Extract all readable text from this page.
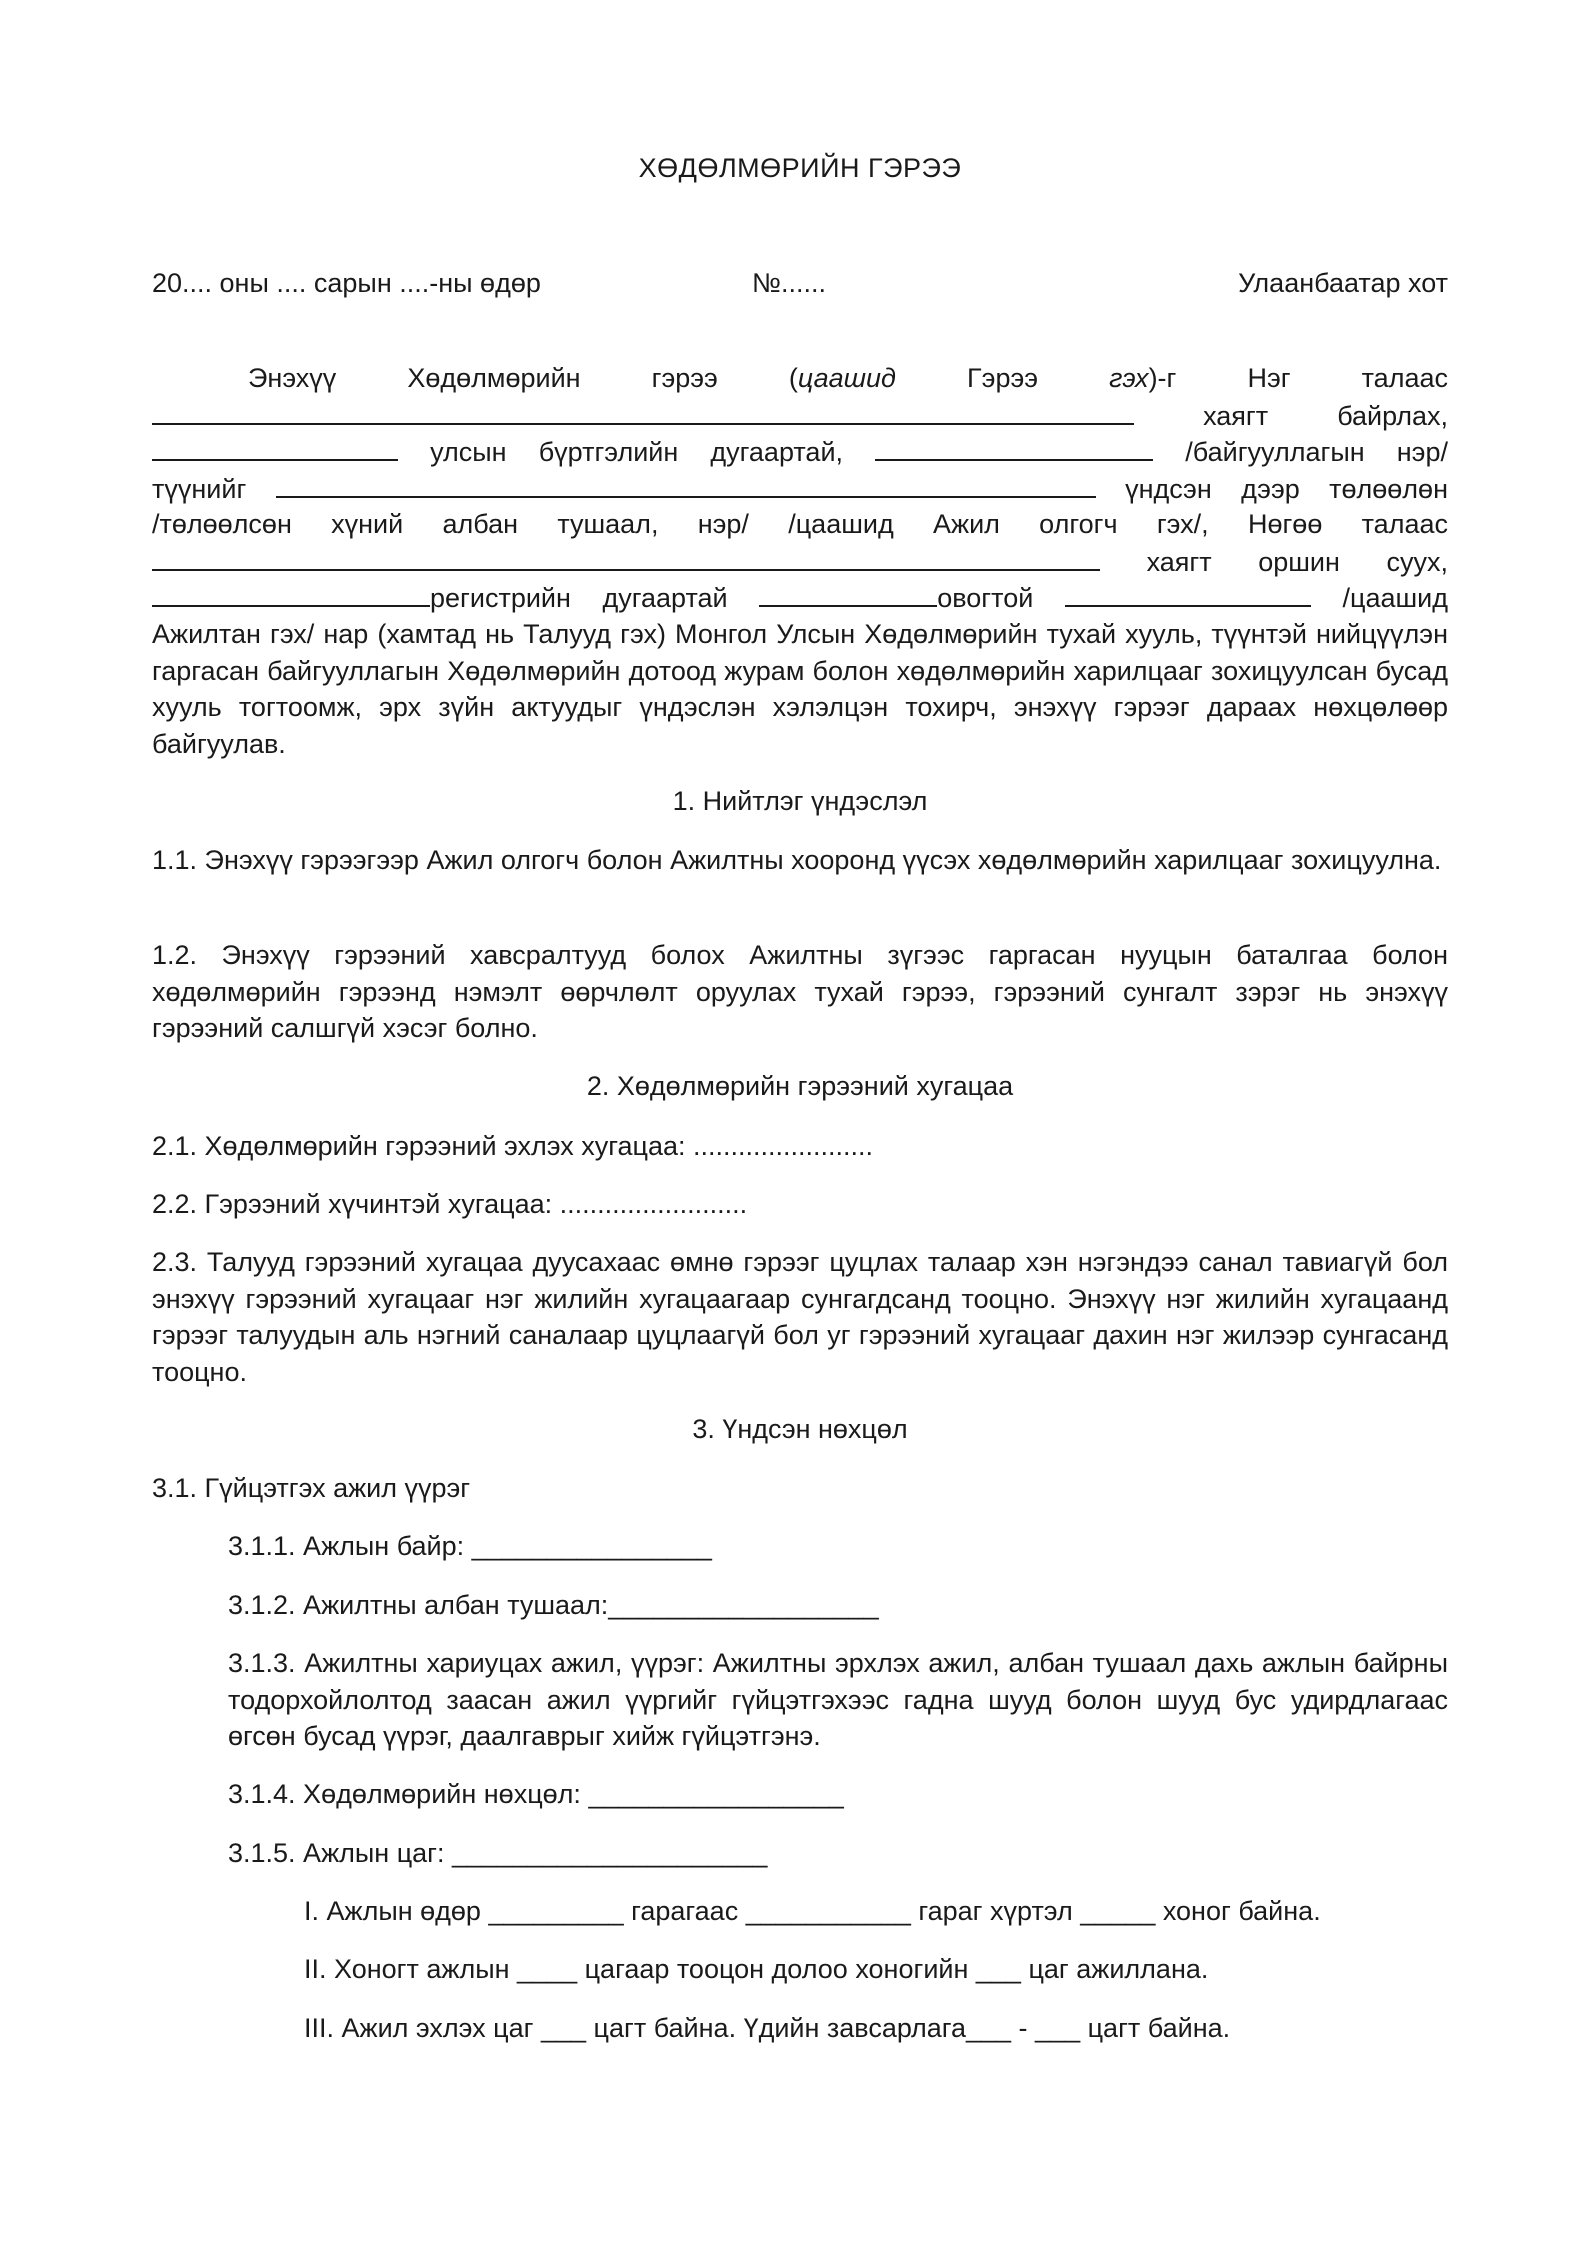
ХӨДӨЛМӨРИЙН ГЭРЭЭ
20.... оны .... сарын ....-ны өдөр	№......	Улаанбаатар хот
Энэхүү Хөдөлмөрийн гэрээ (цаашид Гэрээ гэх)-г Нэг талаас
хаягт байрлах,
улсын бүртгэлийн дугаартай,	/байгууллагын нэр/
түүнийг	үндсэн дээр төлөөлөн
/төлөөлсөн хүний албан тушаал, нэр/ /цаашид Ажил олгогч гэх/, Нөгөө талаас
хаягт оршин суух,
регистрийн дугаартай	овогтой	/цаашид
Ажилтан гэх/ нар (хамтад нь Талууд гэх) Монгол Улсын Хөдөлмөрийн тухай хууль, түүнтэй нийцүүлэн гаргасан байгууллагын Хөдөлмөрийн дотоод журам болон хөдөлмөрийн харилцааг зохицуулсан бусад хууль тогтоомж, эрх зүйн актуудыг үндэслэн хэлэлцэн тохирч, энэхүү гэрээг дараах нөхцөлөөр байгуулав.
1. Нийтлэг үндэслэл
1.1. Энэхүү гэрээгээр Ажил олгогч болон Ажилтны хооронд үүсэх хөдөлмөрийн харилцааг зохицуулна.
1.2. Энэхүү гэрээний хавсралтууд болох Ажилтны зүгээс гаргасан нууцын баталгаа болон хөдөлмөрийн гэрээнд нэмэлт өөрчлөлт оруулах тухай гэрээ, гэрээний сунгалт зэрэг нь энэхүү гэрээний салшгүй хэсэг болно.
2. Хөдөлмөрийн гэрээний хугацаа
2.1. Хөдөлмөрийн гэрээний эхлэх хугацаа: ........................
2.2. Гэрээний хүчинтэй хугацаа: .........................
2.3. Талууд гэрээний хугацаа дуусахаас өмнө гэрээг цуцлах талаар хэн нэгэндээ санал тавиагүй бол энэхүү гэрээний хугацааг нэг жилийн хугацаагаар сунгагдсанд тооцно. Энэхүү нэг жилийн хугацаанд гэрээг талуудын аль нэгний саналаар цуцлаагүй бол уг гэрээний хугацааг дахин нэг жилээр сунгасанд тооцно.
3. Үндсэн нөхцөл
3.1. Гүйцэтгэх ажил үүрэг
3.1.1. Ажлын байр: ________________
3.1.2. Ажилтны албан тушаал:__________________
3.1.3. Ажилтны хариуцах ажил, үүрэг: Ажилтны эрхлэх ажил, албан тушаал дахь ажлын байрны тодорхойлолтод заасан ажил үүргийг гүйцэтгэхээс гадна шууд болон шууд бус удирдлагаас өгсөн бусад үүрэг, даалгаврыг хийж гүйцэтгэнэ.
3.1.4. Хөдөлмөрийн нөхцөл: _________________
3.1.5. Ажлын цаг: _____________________
I. Ажлын өдөр _________ гарагаас ___________ гараг хүртэл _____ хоног байна.
II. Хоногт ажлын ____ цагаар тооцон долоо хоногийн ___ цаг ажиллана.
III. Ажил эхлэх цаг ___ цагт байна. Үдийн завсарлага___ - ___ цагт байна.
